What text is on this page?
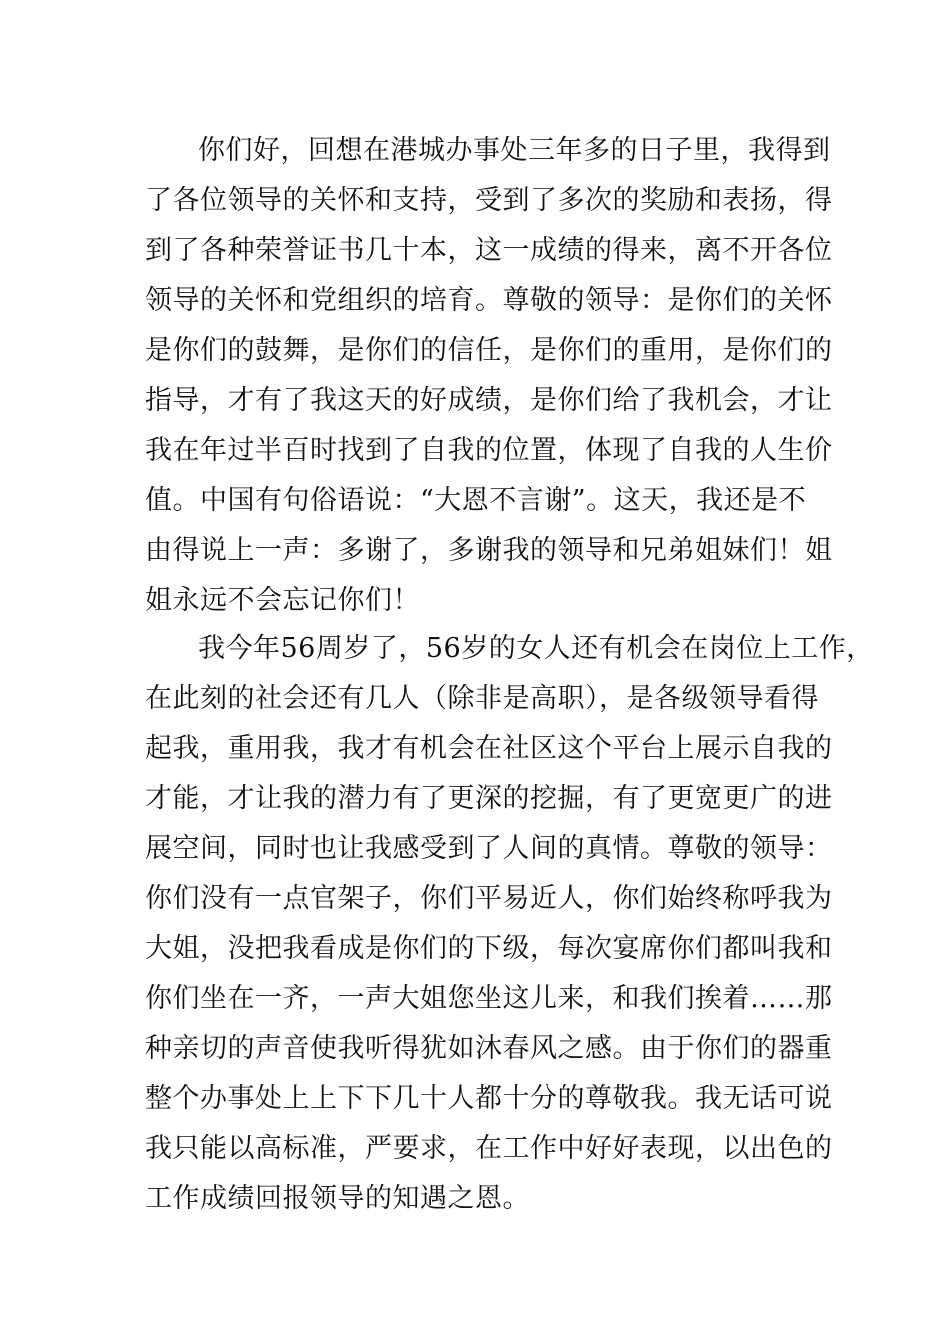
你们好，回想在港城办事处三年多的日子里，我得到
了各位领导的关怀和支持，受到了多次的奖励和表扬，得
到了各种荣誉证书几十本，这一成绩的得来，离不开各位
领导的关怀和党组织的培育。尊敬的领导：是你们的关怀
是你们的鼓舞，是你们的信任，是你们的重用，是你们的
指导，才有了我这天的好成绩，是你们给了我机会，才让
我在年过半百时找到了自我的位置，体现了自我的人生价
值。中国有句俗语说：“大恩不言谢”。这天，我还是不
由得说上一声：多谢了，多谢我的领导和兄弟姐妹们！姐
姐永远不会忘记你们！
我今年56周岁了，56岁的女人还有机会在岗位上工作，
在此刻的社会还有几人（除非是高职），是各级领导看得
起我，重用我，我才有机会在社区这个平台上展示自我的
才能，才让我的潜力有了更深的挖掘，有了更宽更广的进
展空间，同时也让我感受到了人间的真情。尊敬的领导：
你们没有一点官架子，你们平易近人，你们始终称呼我为
大姐，没把我看成是你们的下级，每次宴席你们都叫我和
你们坐在一齐，一声大姐您坐这儿来，和我们挨着……那
种亲切的声音使我听得犹如沐春风之感。由于你们的器重
整个办事处上上下下几十人都十分的尊敬我。我无话可说
我只能以高标准，严要求，在工作中好好表现，以出色的
工作成绩回报领导的知遇之恩。
